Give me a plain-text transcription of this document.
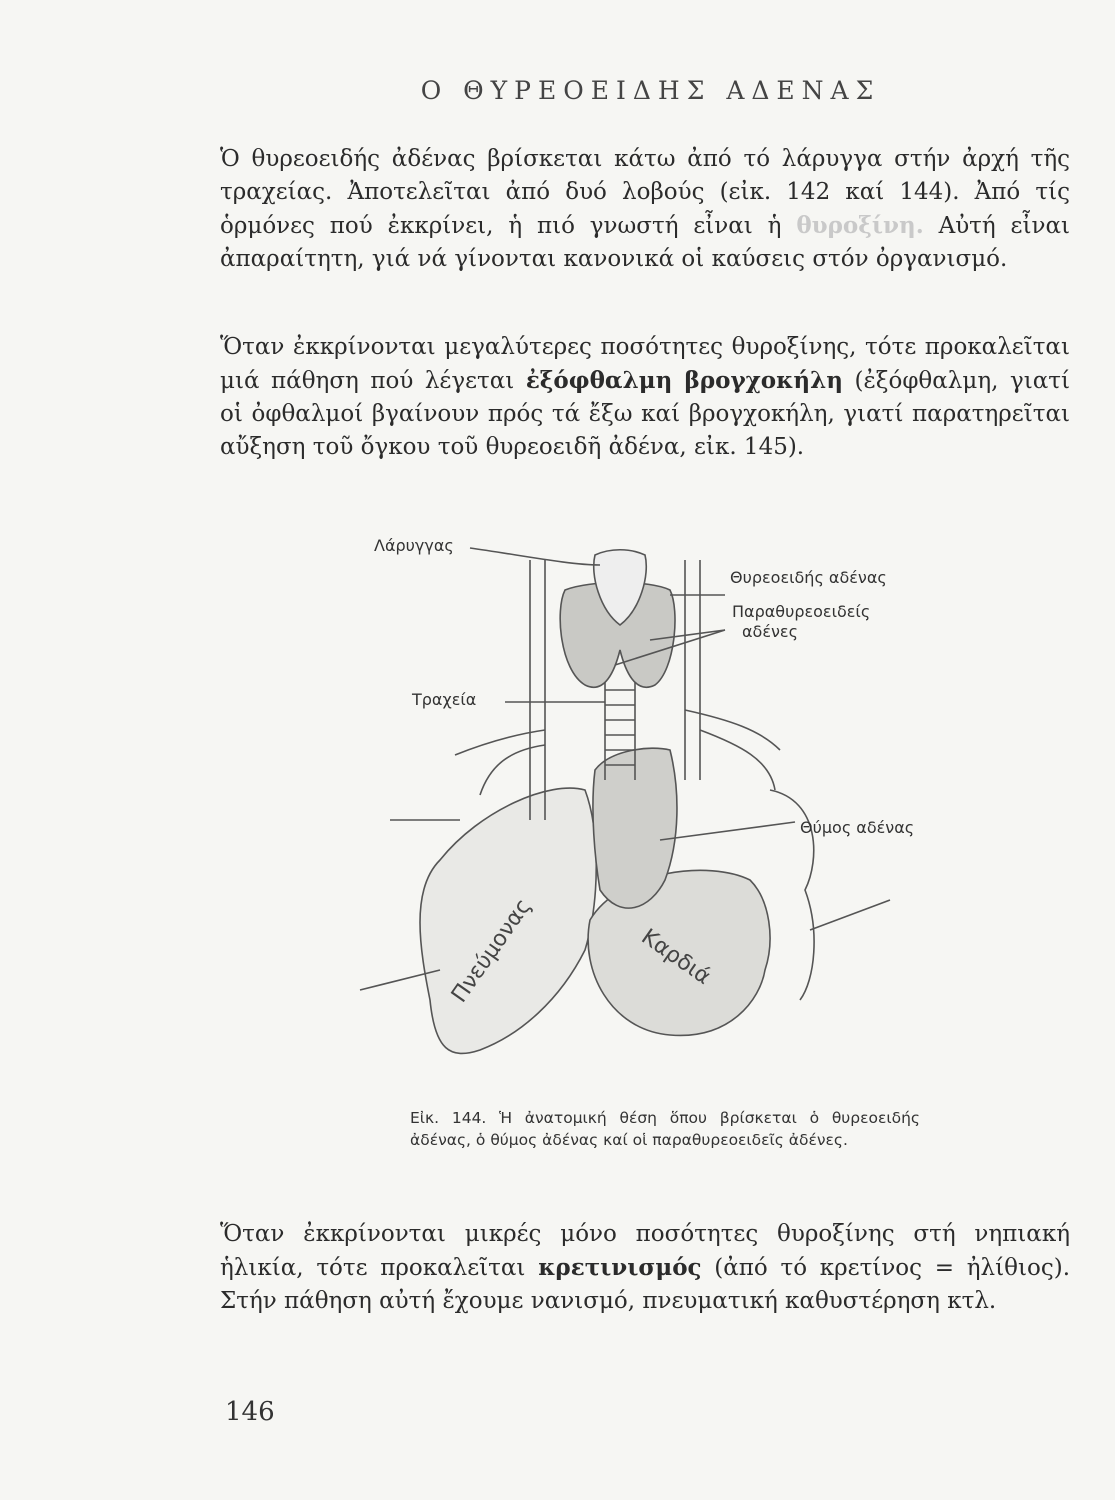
Ο ΘΥΡΕΟΕΙΔΗΣ ΑΔΕΝΑΣ

Ὁ θυρεοειδής ἀδένας βρίσκεται κάτω ἀπό τό λάρυγγα στήν ἀρχή τῆς τραχείας. Ἀποτελεῖται ἀπό δυό λοβούς (εἰκ. 142 καί 144). Ἀπό τίς ὁρμόνες πού ἐκκρίνει, ἡ πιό γνωστή εἶναι ἡ θυροξίνη. Αὐτή εἶναι ἀπαραίτητη, γιά νά γίνονται κανονικά οἱ καύσεις στόν ὀργανισμό.

Ὅταν ἐκκρίνονται μεγαλύτερες ποσότητες θυροξίνης, τότε προκαλεῖται μιά πάθηση πού λέγεται ἐξόφθαλμη βρογχοκήλη (ἐξόφθαλμη, γιατί οἱ ὀφθαλμοί βγαίνουν πρός τά ἔξω καί βρογχοκήλη, γιατί παρατηρεῖται αὔξηση τοῦ ὄγκου τοῦ θυρεοειδῆ ἀδένα, εἰκ. 145).

Πνεύμονας	Καρδιά
Λάρυγγας
Θυρεοειδής αδένας
Παραθυρεοειδείς
αδένες
Τραχεία
Θύμος αδένας
Εἰκ. 144. Ἡ ἀνατομική θέση ὅπου βρίσκεται ὁ θυρεοειδής ἀδένας, ὁ θύμος ἀδένας καί οἱ παραθυρεοειδεῖς ἀδένες.

Ὅταν ἐκκρίνονται μικρές μόνο ποσότητες θυροξίνης στή νηπιακή ἡλικία, τότε προκαλεῖται κρετινισμός (ἀπό τό κρετίνος = ἠλίθιος). Στήν πάθηση αὐτή ἔχουμε νανισμό, πνευματική καθυστέρηση κτλ.

146
